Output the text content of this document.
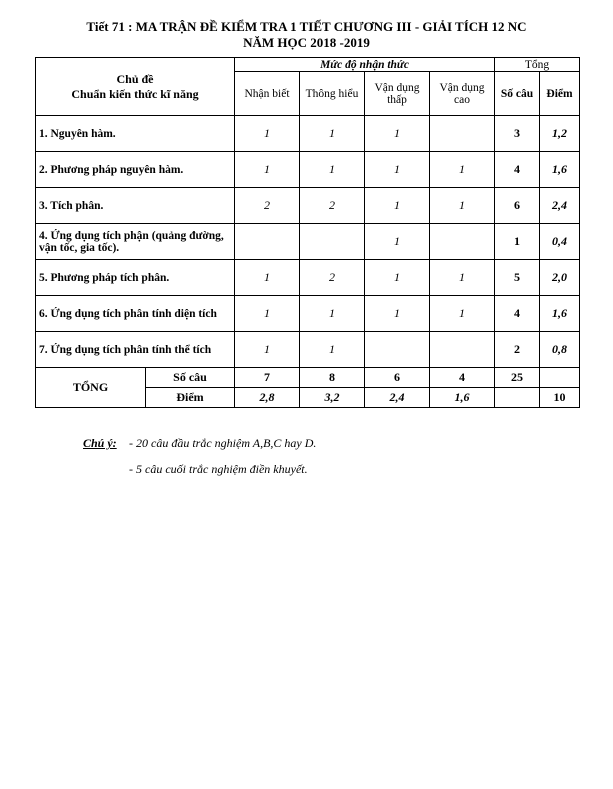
Tiết 71 : MA TRẬN ĐỀ KIỂM TRA 1 TIẾT CHƯƠNG III - GIẢI TÍCH 12 NC
NĂM HỌC 2018 -2019
Chủ đề
Chuẩn kiến thức kĩ năng		Mức độ nhận thức				Tổng	
		Nhận biết	Thông hiểu	Vận dụng thấp	Vận dụng cao	Số câu	Điểm
1. Nguyên hàm.		1	1	1		3	1,2
2. Phương pháp nguyên hàm.		1	1	1	1	4	1,6
3. Tích phân.		2	2	1	1	6	2,4
4. Ứng dụng tích phận (quảng đường, vận tốc, gia tốc).				1		1	0,4
5. Phương pháp tích phân.		1	2	1	1	5	2,0
6. Ứng dụng tích phân tính diện tích		1	1	1	1	4	1,6
7. Ứng dụng tích phân tính thể tích		1	1			2	0,8
TỔNG	Số câu	7	8	6	4	25	
	Điểm	2,8	3,2	2,4	1,6		10
Chú ý: - 20 câu đầu trắc nghiệm A,B,C hay D.
- 5 câu cuối trắc nghiệm điền khuyết.
